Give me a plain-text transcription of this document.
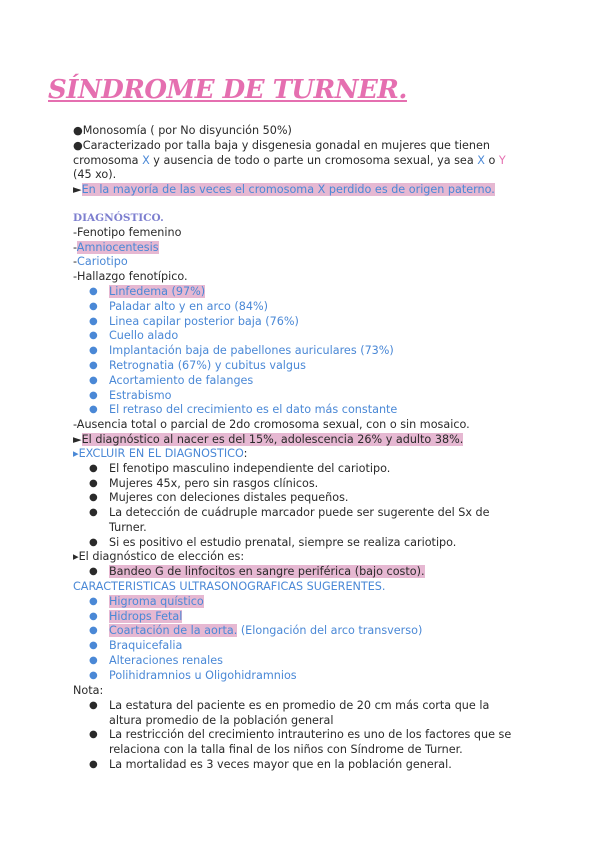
SÍNDROME DE TURNER.
●Monosomía ( por No disyunción 50%)
●Caracterizado por talla baja y disgenesia gonadal en mujeres que tienen
cromosoma X y ausencia de todo o parte un cromosoma sexual, ya sea X o Y
(45 xo).
►En la mayoría de las veces el cromosoma X perdido es de origen paterno.
DIAGNÓSTICO.
-Fenotipo femenino
-Amniocentesis
-Cariotipo
-Hallazgo fenotípico.
● Linfedema (97%)
● Paladar alto y en arco (84%)
● Linea capilar posterior baja (76%)
● Cuello alado
● Implantación baja de pabellones auriculares (73%)
● Retrognatia (67%) y cubitus valgus
● Acortamiento de falanges
● Estrabismo
● El retraso del crecimiento es el dato más constante
-Ausencia total o parcial de 2do cromosoma sexual, con o sin mosaico.
►El diagnóstico al nacer es del 15%, adolescencia 26% y adulto 38%.
▸EXCLUIR EN EL DIAGNOSTICO:
● El fenotipo masculino independiente del cariotipo.
● Mujeres 45x, pero sin rasgos clínicos.
● Mujeres con deleciones distales pequeños.
● La detección de cuádruple marcador puede ser sugerente del Sx de
Turner.
● Si es positivo el estudio prenatal, siempre se realiza cariotipo.
▸El diagnóstico de elección es:
● Bandeo G de linfocitos en sangre periférica (bajo costo).
CARACTERISTICAS ULTRASONOGRAFICAS SUGERENTES.
● Higroma quístico
● Hidrops Fetal
● Coartación de la aorta. (Elongación del arco transverso)
● Braquicefalia
● Alteraciones renales
● Polihidramnios u Oligohidramnios
Nota:
● La estatura del paciente es en promedio de 20 cm más corta que la
altura promedio de la población general
● La restricción del crecimiento intrauterino es uno de los factores que se
relaciona con la talla final de los niños con Síndrome de Turner.
● La mortalidad es 3 veces mayor que en la población general.
